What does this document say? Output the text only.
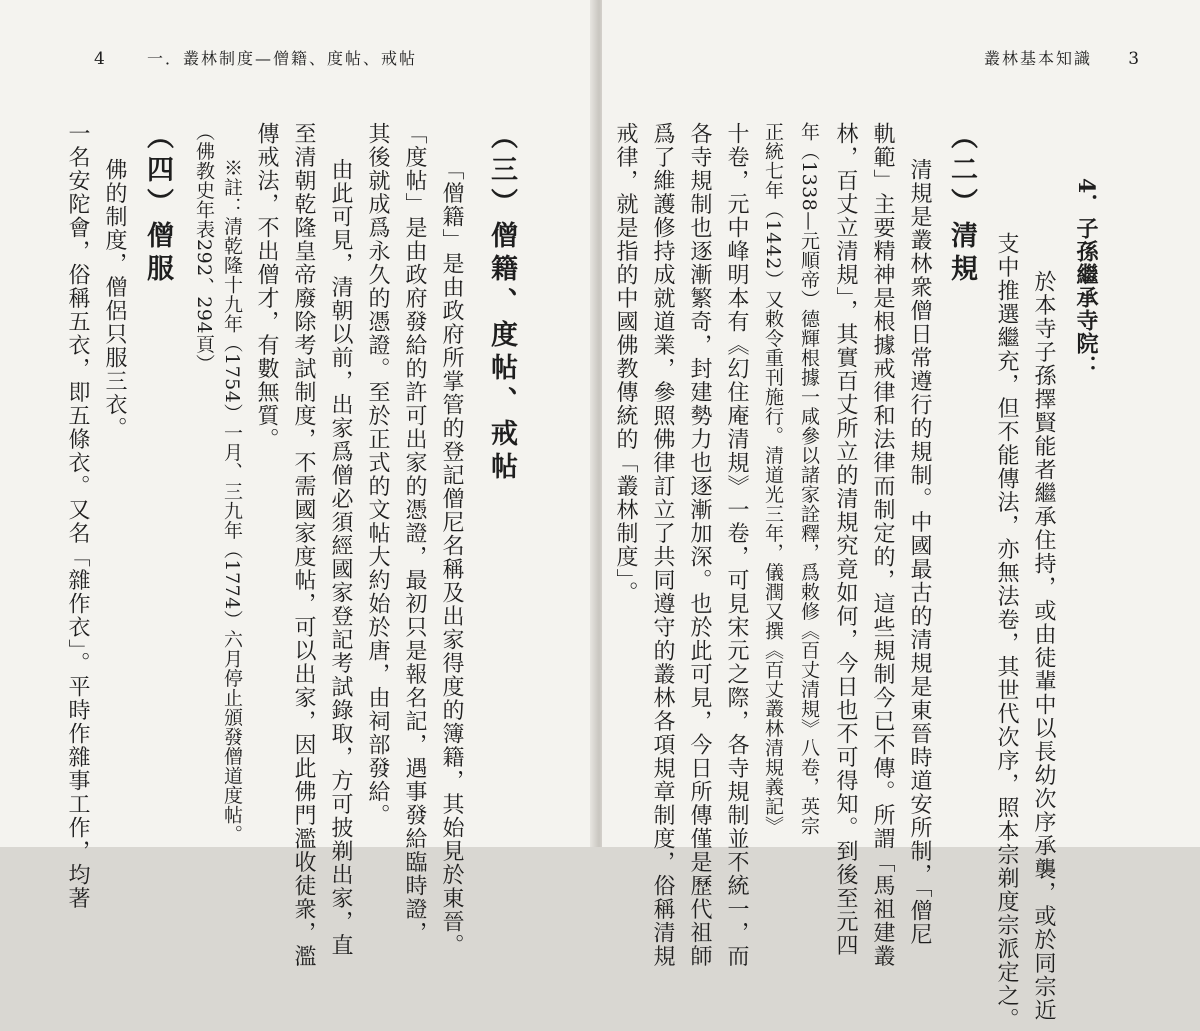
4	一．叢林制度—僧籍、度帖、戒帖
（三）僧籍、度帖、戒帖
「僧籍」是由政府所掌管的登記僧尼名稱及出家得度的簿籍，其始見於東晉。
「度帖」是由政府發給的許可出家的憑證，最初只是報名記，遇事發給臨時證，
其後就成爲永久的憑證。至於正式的文帖大約始於唐，由祠部發給。
由此可見，清朝以前，出家爲僧必須經國家登記考試錄取，方可披剃出家，直
至清朝乾隆皇帝廢除考試制度，不需國家度帖，可以出家，因此佛門濫收徒衆，濫
傳戒法，不出僧才，有數無質。
※註：清乾隆十九年（1754）一月、三九年（1774）六月停止頒發僧道度帖。
（佛教史年表292、294頁）
（四）僧服
佛的制度，僧侶只服三衣。
一名安陀會，俗稱五衣，即五條衣。又名「雜作衣」。平時作雜事工作，均著
叢林基本知識 3
4．子孫繼承寺院：
於本寺子孫擇賢能者繼承住持，或由徒輩中以長幼次序承襲，或於同宗近
支中推選繼充，但不能傳法，亦無法卷，其世代次序，照本宗剃度宗派定之。
（二）清規
清規是叢林衆僧日常遵行的規制。中國最古的清規是東晉時道安所制，「僧尼
軌範」主要精神是根據戒律和法律而制定的，這些規制今已不傳。所謂「馬祖建叢
林，百丈立清規」，其實百丈所立的清規究竟如何，今日也不可得知。到後至元四
年（1338—元順帝）德輝根據一咸參以諸家詮釋，爲敕修《百丈清規》八卷，英宗
正統七年（1442）又敕令重刊施行。清道光三年，儀潤又撰《百丈叢林清規義記》
十卷，元中峰明本有《幻住庵清規》一卷，可見宋元之際，各寺規制並不統一，而
各寺規制也逐漸繁奇，封建勢力也逐漸加深。也於此可見，今日所傳僅是歷代祖師
爲了維護修持成就道業，參照佛律訂立了共同遵守的叢林各項規章制度，俗稱清規
戒律，就是指的中國佛教傳統的「叢林制度」。
